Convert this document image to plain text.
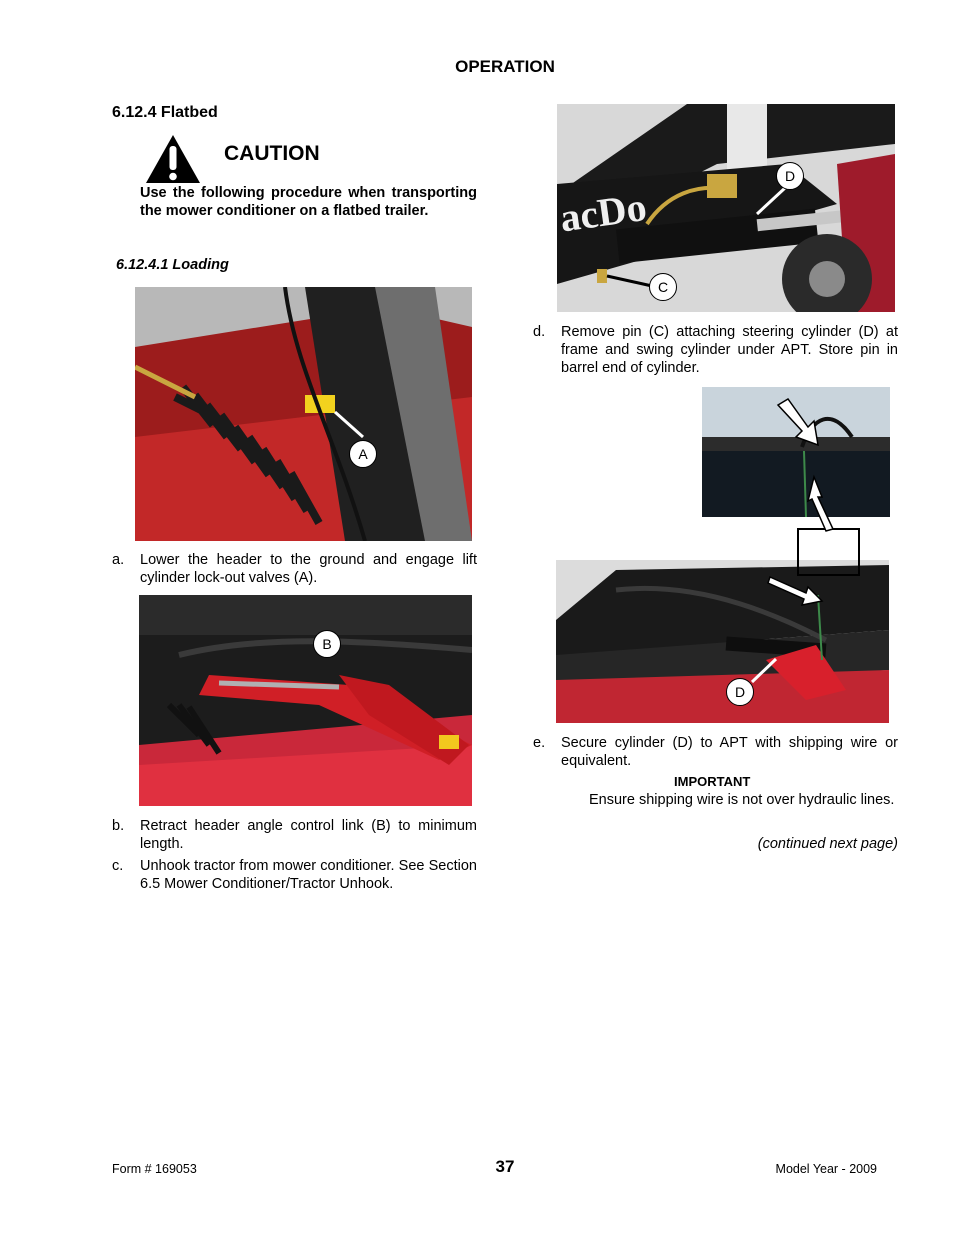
OPERATION
6.12.4 Flatbed
CAUTION
Use the following procedure when transporting the mower conditioner on a flatbed trailer.
6.12.4.1 Loading
A
a. Lower the header to the ground and engage lift cylinder lock-out valves (A).
B
b. Retract header angle control link (B) to minimum length.
c. Unhook tractor from mower conditioner. See Section 6.5 Mower Conditioner/Tractor Unhook.
acDo
D
C
d. Remove pin (C) attaching steering cylinder (D) at frame and swing cylinder under APT. Store pin in barrel end of cylinder.
D
e. Secure cylinder (D) to APT with shipping wire or equivalent.
IMPORTANT
Ensure shipping wire is not over hydraulic lines.
(continued next page)
Form # 169053	37	Model Year - 2009
